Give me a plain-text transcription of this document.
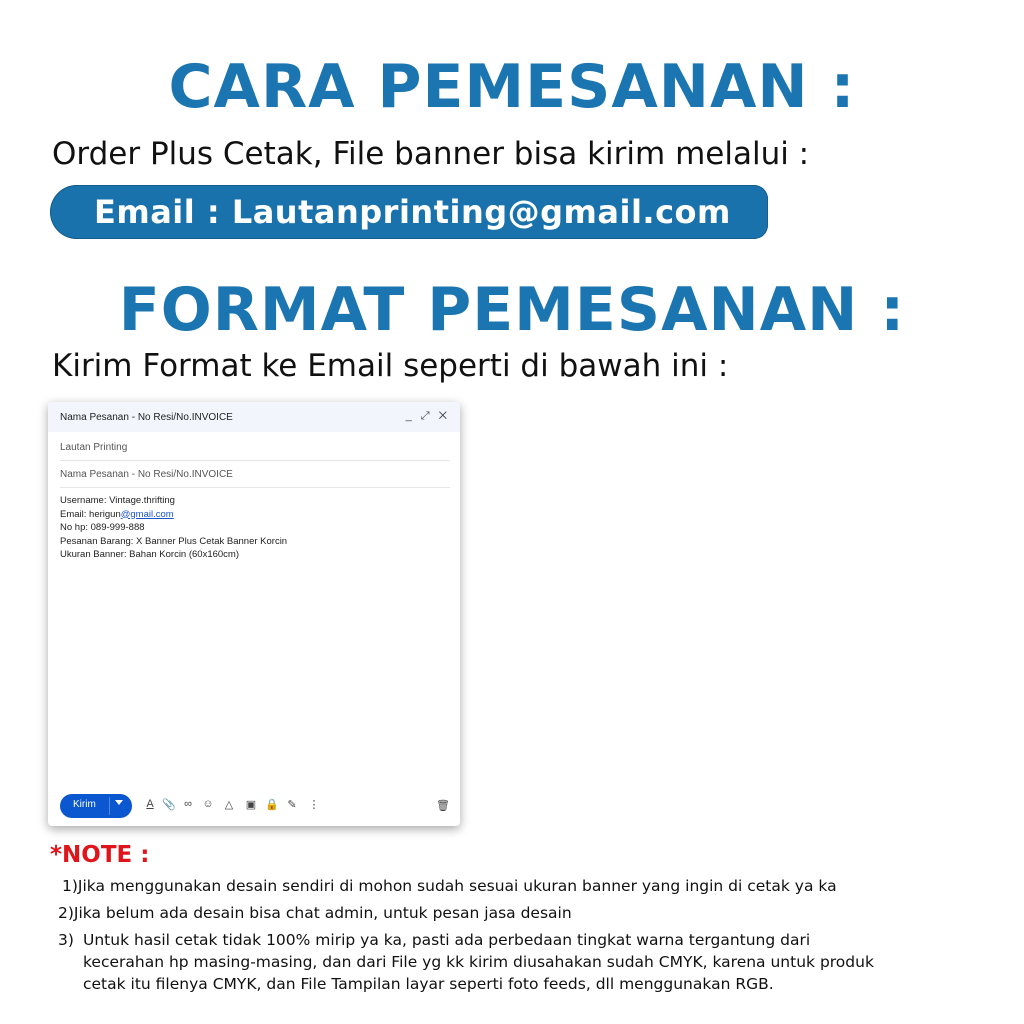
CARA PEMESANAN :
Order Plus Cetak, File banner bisa kirim melalui :
Email : Lautanprinting@gmail.com
FORMAT PEMESANAN :
Kirim Format ke Email seperti di bawah ini :
Nama Pesanan - No Resi/No.INVOICE	_ ⤢ ✕
Lautan Printing
Nama Pesanan - No Resi/No.INVOICE
Username: Vintage.thrifting
Email: herigun@gmail.com
No hp: 089-999-888
Pesanan Barang: X Banner Plus Cetak Banner Korcin
Ukuran Banner: Bahan Korcin (60x160cm)
Kirim	A 📎 ∞ ☺	△	▣ 🔒 ✎	⋮	🗑
*NOTE :
1)Jika menggunakan desain sendiri di mohon sudah sesuai ukuran banner yang ingin di cetak ya ka
2)Jika belum ada desain bisa chat admin, untuk pesan jasa desain
3) Untuk hasil cetak tidak 100% mirip ya ka, pasti ada perbedaan tingkat warna tergantung dari
kecerahan hp masing-masing, dan dari File yg kk kirim diusahakan sudah CMYK, karena untuk produk
cetak itu filenya CMYK, dan File Tampilan layar seperti foto feeds, dll menggunakan RGB.
